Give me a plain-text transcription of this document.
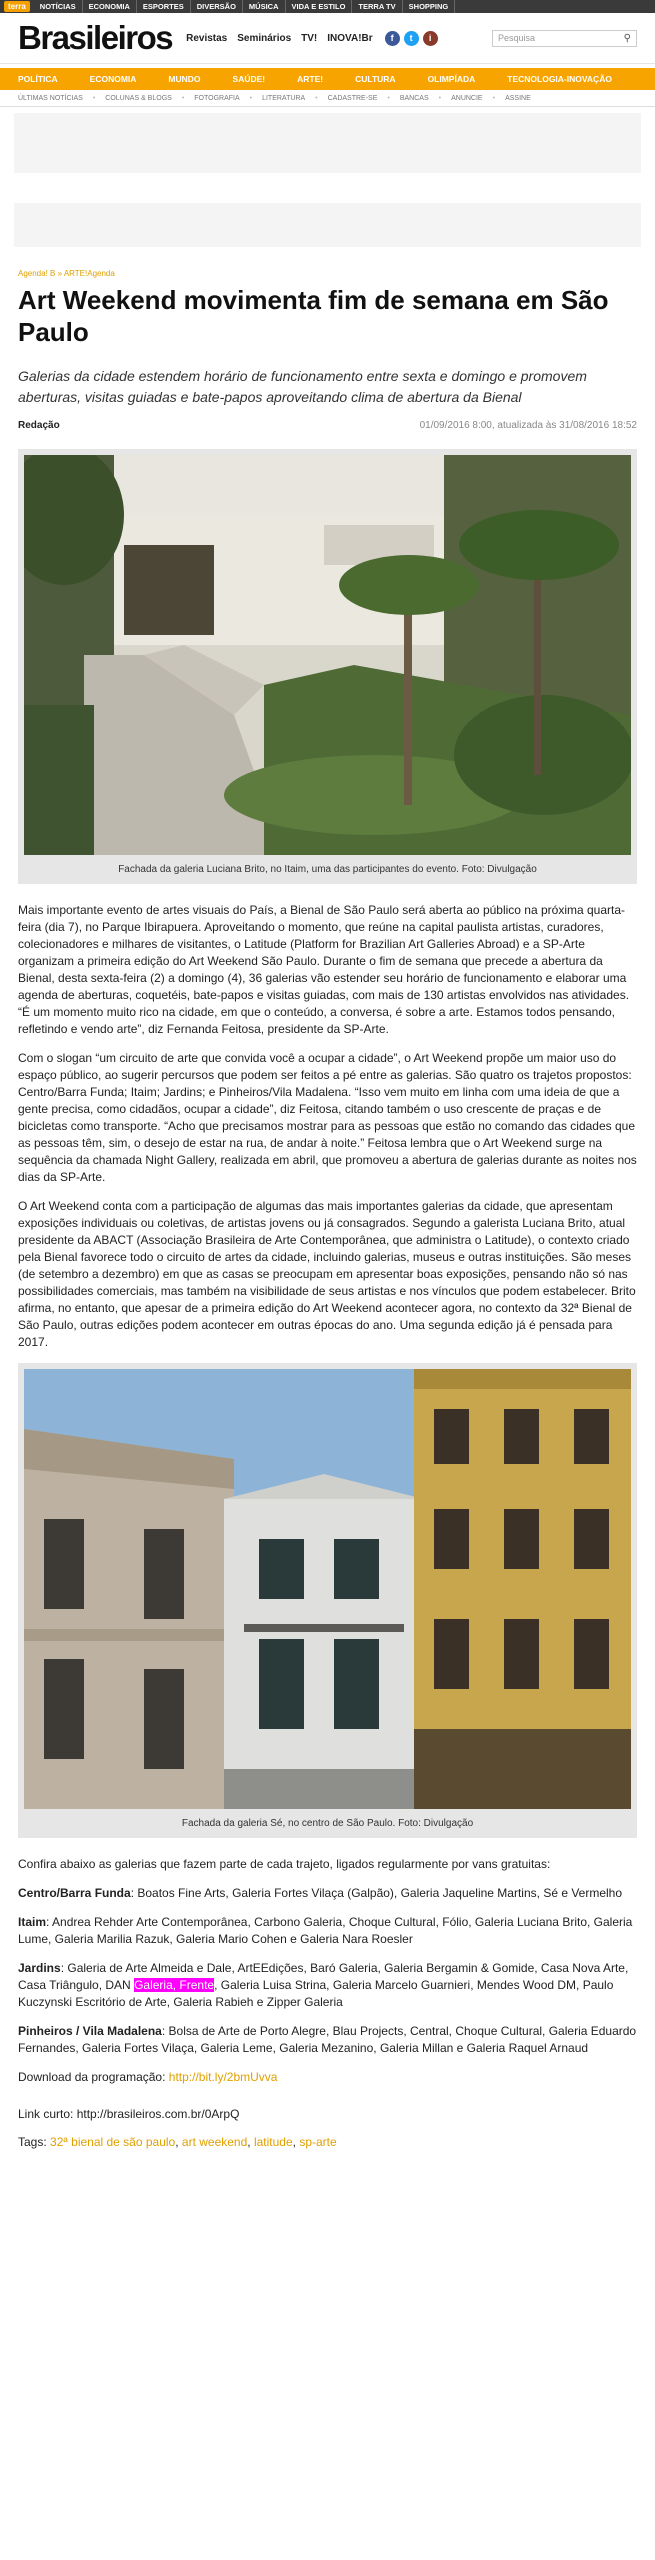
terra	NOTÍCIAS	ECONOMIA	ESPORTES	DIVERSÃO	MÚSICA	VIDA E ESTILO	TERRA TV	SHOPPING
Brasileiros Revistas Seminários TV! INOVA!Br	f	t	i	Pesquisa	⚲
POLÍTICA	ECONOMIA	MUNDO	SAÚDE!	ARTE!	CULTURA	OLIMPÍADA	TECNOLOGIA-INOVAÇÃO
ÚLTIMAS NOTÍCIAS • COLUNAS & BLOGS • FOTOGRAFIA • LITERATURA • CADASTRE-SE • BANCAS • ANUNCIE • ASSINE
Agenda! B » ARTE!Agenda
Art Weekend movimenta fim de semana em São Paulo
Galerias da cidade estendem horário de funcionamento entre sexta e domingo e promovem aberturas, visitas guiadas e bate-papos aproveitando clima de abertura da Bienal
Redação	01/09/2016 8:00, atualizada às 31/08/2016 18:52
Fachada da galeria Luciana Brito, no Itaim, uma das participantes do evento. Foto: Divulgação

Mais importante evento de artes visuais do País, a Bienal de São Paulo será aberta ao público na próxima quarta-feira (dia 7), no Parque Ibirapuera. Aproveitando o momento, que reúne na capital paulista artistas, curadores, colecionadores e milhares de visitantes, o Latitude (Platform for Brazilian Art Galleries Abroad) e a SP-Arte organizam a primeira edição do Art Weekend São Paulo. Durante o fim de semana que precede a abertura da Bienal, desta sexta-feira (2) a domingo (4), 36 galerias vão estender seu horário de funcionamento e elaborar uma agenda de aberturas, coquetéis, bate-papos e visitas guiadas, com mais de 130 artistas envolvidos nas atividades. “É um momento muito rico na cidade, em que o conteúdo, a conversa, é sobre a arte. Estamos todos pensando, refletindo e vendo arte”, diz Fernanda Feitosa, presidente da SP-Arte.

Com o slogan “um circuito de arte que convida você a ocupar a cidade”, o Art Weekend propõe um maior uso do espaço público, ao sugerir percursos que podem ser feitos a pé entre as galerias. São quatro os trajetos propostos: Centro/Barra Funda; Itaim; Jardins; e Pinheiros/Vila Madalena. “Isso vem muito em linha com uma ideia de que a gente precisa, como cidadãos, ocupar a cidade”, diz Feitosa, citando também o uso crescente de praças e de bicicletas como transporte. “Acho que precisamos mostrar para as pessoas que estão no comando das cidades que as pessoas têm, sim, o desejo de estar na rua, de andar à noite.” Feitosa lembra que o Art Weekend surge na sequência da chamada Night Gallery, realizada em abril, que promoveu a abertura de galerias durante as noites nos dias da SP-Arte.

O Art Weekend conta com a participação de algumas das mais importantes galerias da cidade, que apresentam exposições individuais ou coletivas, de artistas jovens ou já consagrados. Segundo a galerista Luciana Brito, atual presidente da ABACT (Associação Brasileira de Arte Contemporânea, que administra o Latitude), o contexto criado pela Bienal favorece todo o circuito de artes da cidade, incluindo galerias, museus e outras instituições. São meses (de setembro a dezembro) em que as casas se preocupam em apresentar boas exposições, pensando não só nas possibilidades comerciais, mas também na visibilidade de seus artistas e nos vínculos que podem estabelecer. Brito afirma, no entanto, que apesar de a primeira edição do Art Weekend acontecer agora, no contexto da 32ª Bienal de São Paulo, outras edições podem acontecer em outras épocas do ano. Uma segunda edição já é pensada para 2017.

Fachada da galeria Sé, no centro de São Paulo. Foto: Divulgação

Confira abaixo as galerias que fazem parte de cada trajeto, ligados regularmente por vans gratuitas:

Centro/Barra Funda: Boatos Fine Arts, Galeria Fortes Vilaça (Galpão), Galeria Jaqueline Martins, Sé e Vermelho

Itaim: Andrea Rehder Arte Contemporânea, Carbono Galeria, Choque Cultural, Fólio, Galeria Luciana Brito, Galeria Lume, Galeria Marilia Razuk, Galeria Mario Cohen e Galeria Nara Roesler

Jardins: Galeria de Arte Almeida e Dale, ArtEEdições, Baró Galeria, Galeria Bergamin & Gomide, Casa Nova Arte, Casa Triângulo, DAN Galeria, Frente, Galeria Luisa Strina, Galeria Marcelo Guarnieri, Mendes Wood DM, Paulo Kuczynski Escritório de Arte, Galeria Rabieh e Zipper Galeria

Pinheiros / Vila Madalena: Bolsa de Arte de Porto Alegre, Blau Projects, Central, Choque Cultural, Galeria Eduardo Fernandes, Galeria Fortes Vilaça, Galeria Leme, Galeria Mezanino, Galeria Millan e Galeria Raquel Arnaud

Download da programação: http://bit.ly/2bmUvva

Link curto: http://brasileiros.com.br/0ArpQ

Tags: 32ª bienal de são paulo, art weekend, latitude, sp-arte
